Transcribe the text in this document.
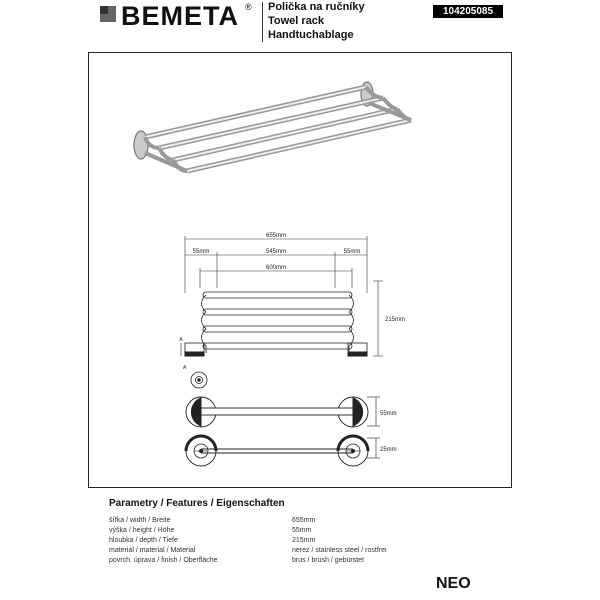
BEMETA ® Polička na ručníky
Towel rack
Handtuchablage
104205085
655mm
55mm	545mm	55mm
600mm
215mm
A
A
55mm
25mm
Parametry / Features / Eigenschaften
šířka / width / Breite	655mm
výška / height / Höhe	55mm
hloubka / depth / Tiefe	215mm
materiál / material / Material	nerez / stainless steel / rostfrei
povrch. úprava / finish / Oberfläche	brus / brush / gebürstet
NEO
